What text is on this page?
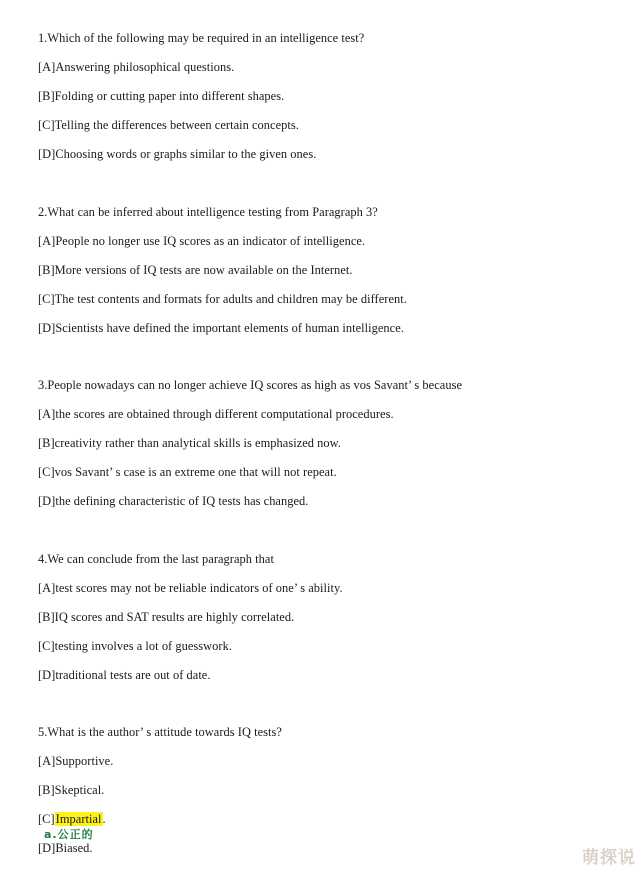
1.Which of the following may be required in an intelligence test?
[A]Answering philosophical questions.
[B]Folding or cutting paper into different shapes.
[C]Telling the differences between certain concepts.
[D]Choosing words or graphs similar to the given ones.
2.What can be inferred about intelligence testing from Paragraph 3?
[A]People no longer use IQ scores as an indicator of intelligence.
[B]More versions of IQ tests are now available on the Internet.
[C]The test contents and formats for adults and children may be different.
[D]Scientists have defined the important elements of human intelligence.
3.People nowadays can no longer achieve IQ scores as high as vos Savant’ s because
[A]the scores are obtained through different computational procedures.
[B]creativity rather than analytical skills is emphasized now.
[C]vos Savant’ s case is an extreme one that will not repeat.
[D]the defining characteristic of IQ tests has changed.
4.We can conclude from the last paragraph that
[A]test scores may not be reliable indicators of one’ s ability.
[B]IQ scores and SAT results are highly correlated.
[C]testing involves a lot of guesswork.
[D]traditional tests are out of date.
5.What is the author’ s attitude towards IQ tests?
[A]Supportive.
[B]Skeptical.
[C]Impartial.
a.公正的
[D]Biased.	萌探说
